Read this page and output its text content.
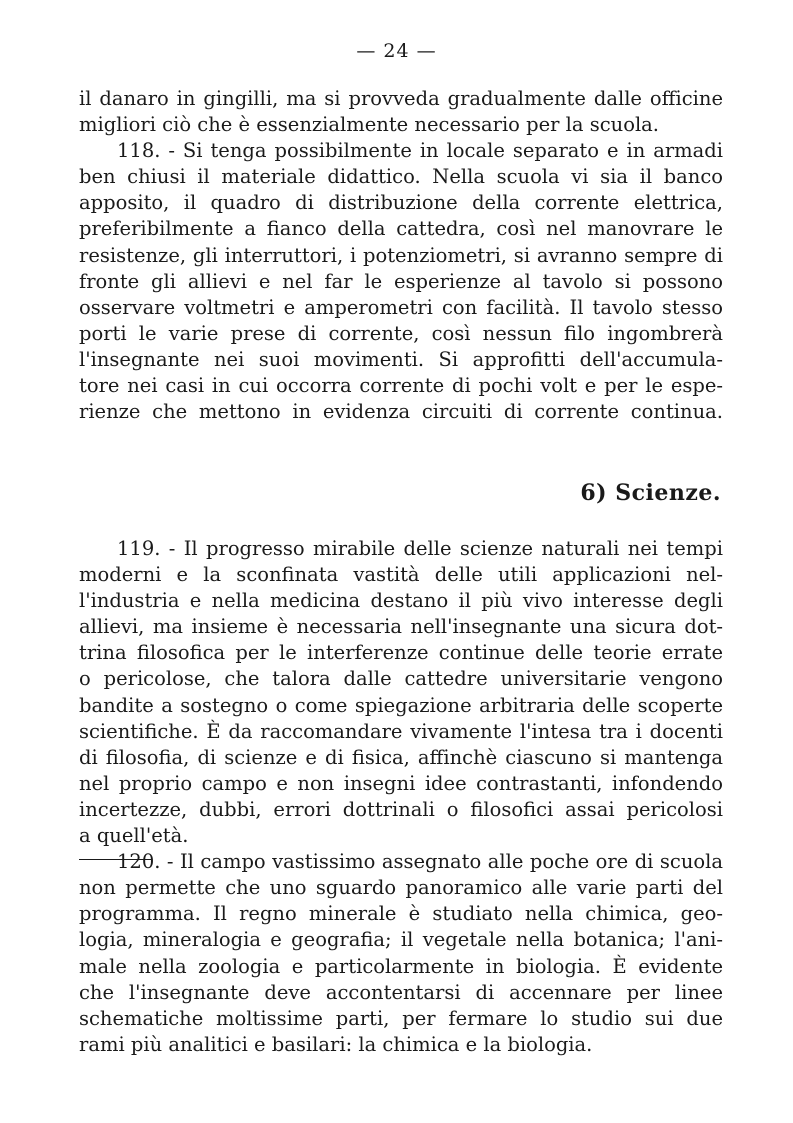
— 24 —
il danaro in gingilli, ma si provveda gradualmente dalle officine
migliori ciò che è essenzialmente necessario per la scuola.
118. - Si tenga possibilmente in locale separato e in armadi
ben chiusi il materiale didattico. Nella scuola vi sia il banco
apposito, il quadro di distribuzione della corrente elettrica,
preferibilmente a fianco della cattedra, così nel manovrare le
resistenze, gli interruttori, i potenziometri, si avranno sempre di
fronte gli allievi e nel far le esperienze al tavolo si possono
osservare voltmetri e amperometri con facilità. Il tavolo stesso
porti le varie prese di corrente, così nessun filo ingombrerà
l'insegnante nei suoi movimenti. Si approfitti dell'accumula-
tore nei casi in cui occorra corrente di pochi volt e per le espe-
rienze che mettono in evidenza circuiti di corrente continua.
6) Scienze.
119. - Il progresso mirabile delle scienze naturali nei tempi
moderni e la sconfinata vastità delle utili applicazioni nel-
l'industria e nella medicina destano il più vivo interesse degli
allievi, ma insieme è necessaria nell'insegnante una sicura dot-
trina filosofica per le interferenze continue delle teorie errate
o pericolose, che talora dalle cattedre universitarie vengono
bandite a sostegno o come spiegazione arbitraria delle scoperte
scientifiche. È da raccomandare vivamente l'intesa tra i docenti
di filosofia, di scienze e di fisica, affinchè ciascuno si mantenga
nel proprio campo e non insegni idee contrastanti, infondendo
incertezze, dubbi, errori dottrinali o filosofici assai pericolosi
a quell'età.
120. - Il campo vastissimo assegnato alle poche ore di scuola
non permette che uno sguardo panoramico alle varie parti del
programma. Il regno minerale è studiato nella chimica, geo-
logia, mineralogia e geografia; il vegetale nella botanica; l'ani-
male nella zoologia e particolarmente in biologia. È evidente
che l'insegnante deve accontentarsi di accennare per linee
schematiche moltissime parti, per fermare lo studio sui due
rami più analitici e basilari: la chimica e la biologia.
